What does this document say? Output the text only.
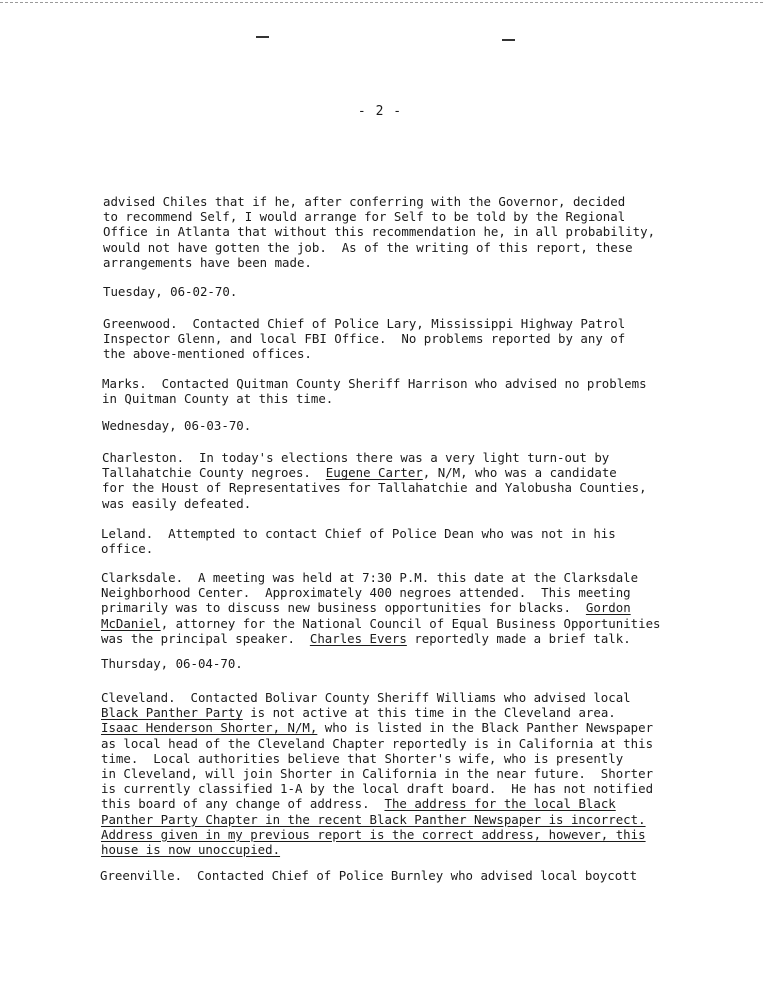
- 2 -
advised Chiles that if he, after conferring with the Governor, decided
to recommend Self, I would arrange for Self to be told by the Regional
Office in Atlanta that without this recommendation he, in all probability,
would not have gotten the job.  As of the writing of this report, these
arrangements have been made.
Tuesday, 06-02-70.
Greenwood.  Contacted Chief of Police Lary, Mississippi Highway Patrol
Inspector Glenn, and local FBI Office.  No problems reported by any of
the above-mentioned offices.
Marks.  Contacted Quitman County Sheriff Harrison who advised no problems
in Quitman County at this time.
Wednesday, 06-03-70.
Charleston.  In today's elections there was a very light turn-out by
Tallahatchie County negroes.  Eugene Carter, N/M, who was a candidate
for the Houst of Representatives for Tallahatchie and Yalobusha Counties,
was easily defeated.
Leland.  Attempted to contact Chief of Police Dean who was not in his
office.
Clarksdale.  A meeting was held at 7:30 P.M. this date at the Clarksdale
Neighborhood Center.  Approximately 400 negroes attended.  This meeting
primarily was to discuss new business opportunities for blacks.  Gordon
McDaniel, attorney for the National Council of Equal Business Opportunities
was the principal speaker.  Charles Evers reportedly made a brief talk.
Thursday, 06-04-70.
Cleveland.  Contacted Bolivar County Sheriff Williams who advised local
Black Panther Party is not active at this time in the Cleveland area.
Isaac Henderson Shorter, N/M, who is listed in the Black Panther Newspaper
as local head of the Cleveland Chapter reportedly is in California at this
time.  Local authorities believe that Shorter's wife, who is presently
in Cleveland, will join Shorter in California in the near future.  Shorter
is currently classified 1-A by the local draft board.  He has not notified
this board of any change of address.  The address for the local Black
Panther Party Chapter in the recent Black Panther Newspaper is incorrect.
Address given in my previous report is the correct address, however, this
house is now unoccupied.
Greenville.  Contacted Chief of Police Burnley who advised local boycott
